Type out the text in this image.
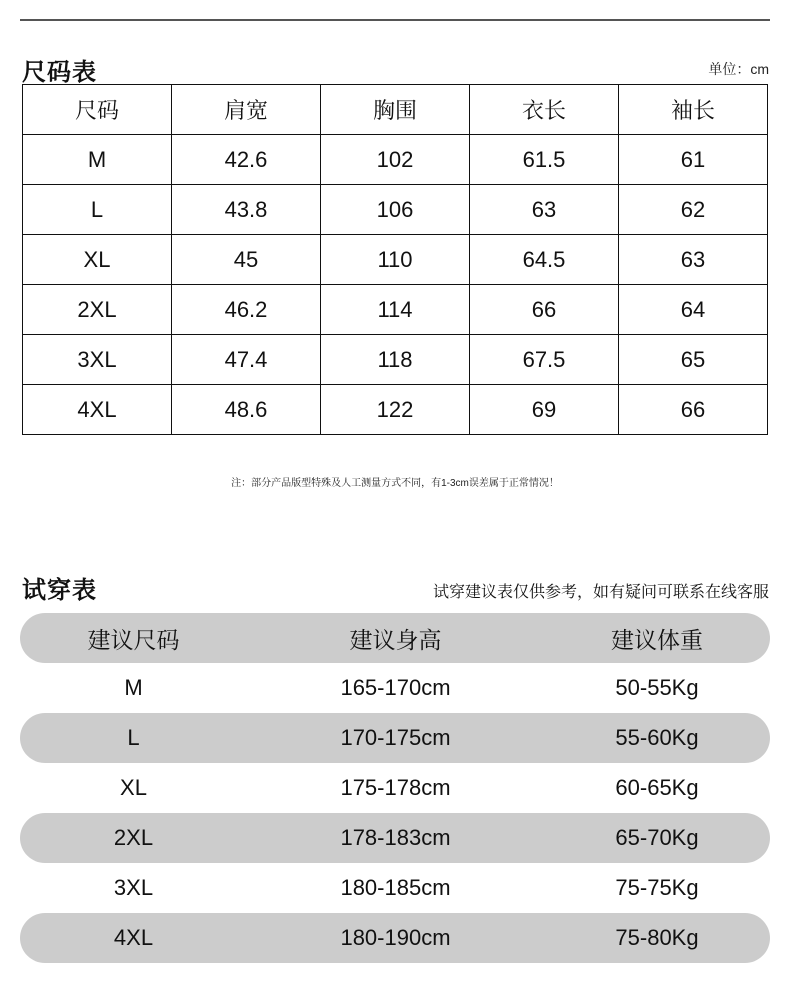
尺码表	单位：cm
尺码	肩宽	胸围	衣长	袖长
M	42.6	102	61.5	61
L	43.8	106	63	62
XL	45	110	64.5	63
2XL	46.2	114	66	64
3XL	47.4	118	67.5	65
4XL	48.6	122	69	66
注：部分产品版型特殊及人工测量方式不同，有1-3cm误差属于正常情况！
试穿表	试穿建议表仅供参考，如有疑问可联系在线客服
建议尺码	建议身高	建议体重
M	165-170cm	50-55Kg
L	170-175cm	55-60Kg
XL	175-178cm	60-65Kg
2XL	178-183cm	65-70Kg
3XL	180-185cm	75-75Kg
4XL	180-190cm	75-80Kg
